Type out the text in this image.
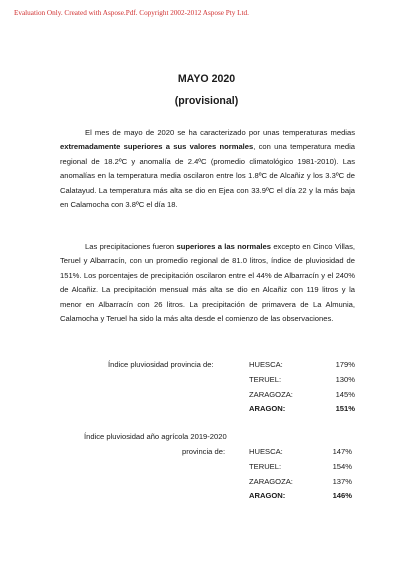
Evaluation Only. Created with Aspose.Pdf. Copyright 2002-2012 Aspose Pty Ltd.
MAYO 2020
(provisional)

El mes de mayo de 2020 se ha caracterizado por unas temperaturas medias extremadamente superiores a sus valores normales, con una temperatura media regional de 18.2ºC y anomalía de 2.4ºC (promedio climatológico 1981-2010). Las anomalías en la temperatura media oscilaron entre los 1.8ºC de Alcañiz y los 3.3ºC de Calatayud. La temperatura más alta se dio en Ejea con 33.9ºC el día 22 y la más baja en Calamocha con 3.8ºC el día 18.

Las precipitaciones fueron superiores a las normales excepto en Cinco Villas, Teruel y Albarracín, con un promedio regional de 81.0 litros, índice de pluviosidad de 151%. Los porcentajes de precipitación oscilaron entre el 44% de Albarracín y el 240% de Alcañiz. La precipitación mensual más alta se dio en Alcañiz con 119 litros y la menor en Albarracín con 26 litros. La precipitación de primavera de La Almunia, Calamocha y Teruel ha sido la más alta desde el comienzo de las observaciones.

Índice pluviosidad provincia de:	HUESCA:	179%
TERUEL:	130%
ZARAGOZA:	145%
ARAGON:	151%
Índice pluviosidad año agrícola 2019-2020
provincia de:	HUESCA:	147%
TERUEL:	154%
ZARAGOZA:	137%
ARAGON:	146%
